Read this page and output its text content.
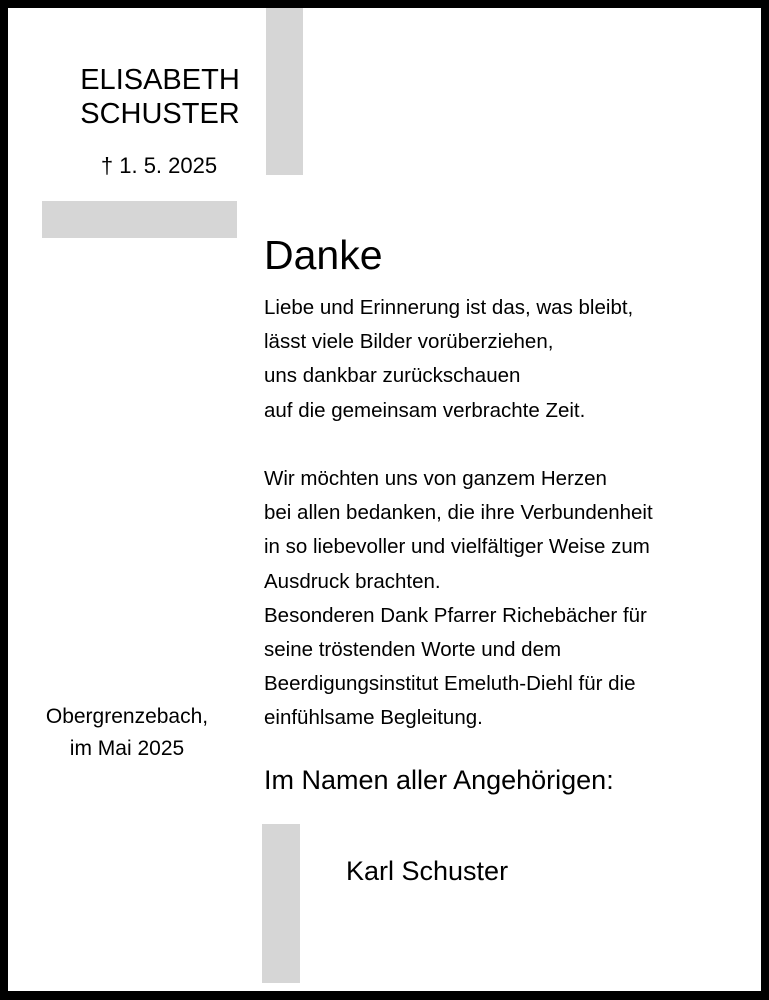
ELISABETH
SCHUSTER
† 1. 5. 2025
Danke
Liebe und Erinnerung ist das, was bleibt,
lässt viele Bilder vorüberziehen,
uns dankbar zurückschauen
auf die gemeinsam verbrachte Zeit.
Wir möchten uns von ganzem Herzen
bei allen bedanken, die ihre Verbundenheit
in so liebevoller und vielfältiger Weise zum
Ausdruck brachten.
Besonderen Dank Pfarrer Richebächer für
seine tröstenden Worte und dem
Beerdigungsinstitut Emeluth-Diehl für die
einfühlsame Begleitung.
Obergrenzebach,
im Mai 2025
Im Namen aller Angehörigen:
Karl Schuster
